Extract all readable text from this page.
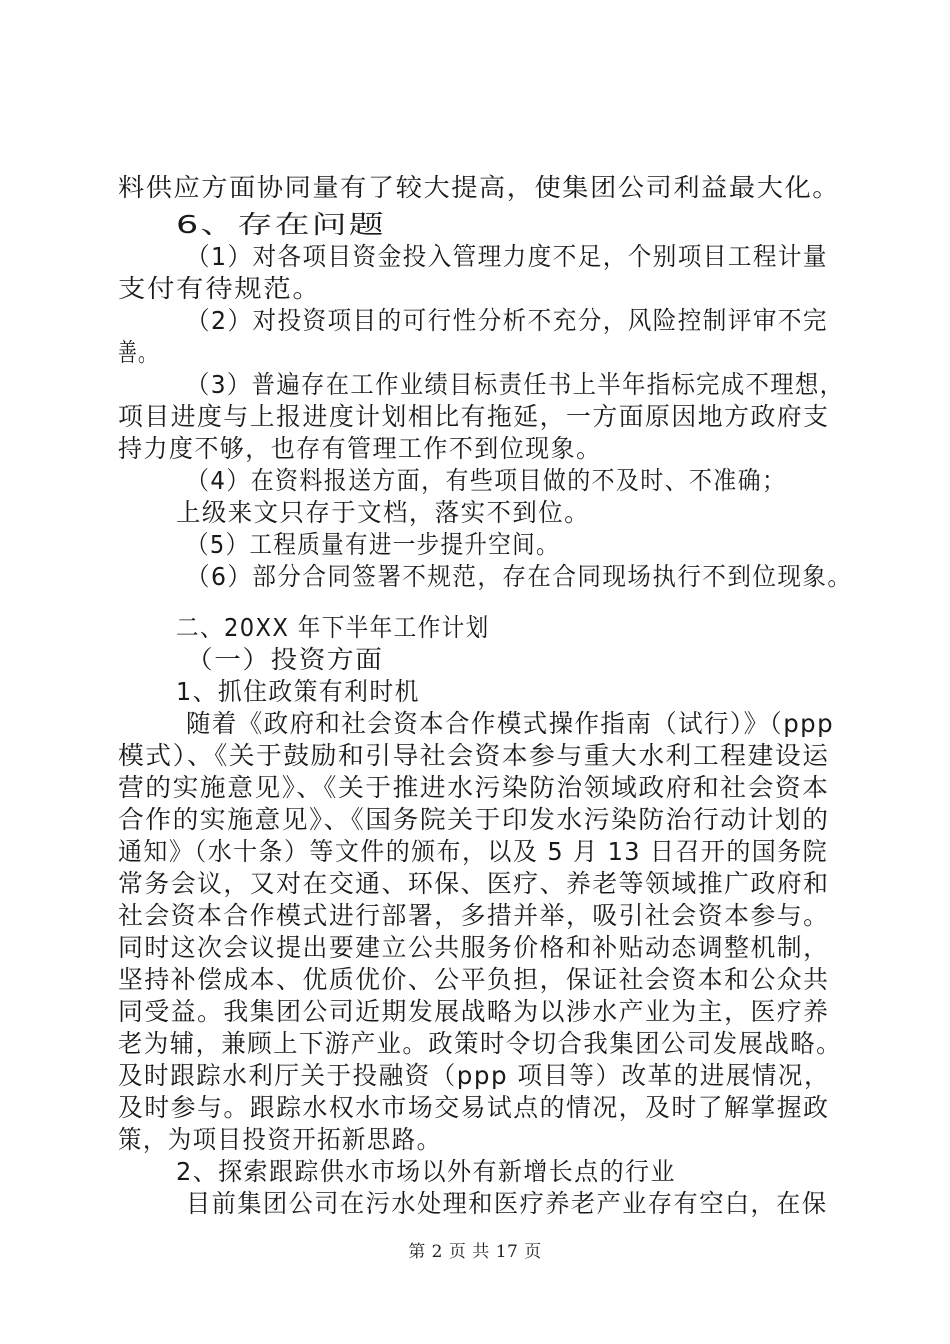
料供应方面协同量有了较大提高，使集团公司利益最大化。
6、存在问题
（1）对各项目资金投入管理力度不足，个别项目工程计量
支付有待规范。
（2）对投资项目的可行性分析不充分，风险控制评审不完
善。
（3）普遍存在工作业绩目标责任书上半年指标完成不理想，
项目进度与上报进度计划相比有拖延，一方面原因地方政府支
持力度不够，也存有管理工作不到位现象。
（4）在资料报送方面，有些项目做的不及时、不准确；
上级来文只存于文档，落实不到位。
（5）工程质量有进一步提升空间。
（6）部分合同签署不规范，存在合同现场执行不到位现象。
二、20XX 年下半年工作计划
（一）投资方面
1、抓住政策有利时机
随着《政府和社会资本合作模式操作指南（试行）》（ppp
模式）、《关于鼓励和引导社会资本参与重大水利工程建设运
营的实施意见》、《关于推进水污染防治领域政府和社会资本
合作的实施意见》、《国务院关于印发水污染防治行动计划的
通知》（水十条）等文件的颁布，以及 5 月 13 日召开的国务院
常务会议，又对在交通、环保、医疗、养老等领域推广政府和
社会资本合作模式进行部署，多措并举，吸引社会资本参与。
同时这次会议提出要建立公共服务价格和补贴动态调整机制，
坚持补偿成本、优质优价、公平负担，保证社会资本和公众共
同受益。我集团公司近期发展战略为以涉水产业为主，医疗养
老为辅，兼顾上下游产业。政策时令切合我集团公司发展战略。
及时跟踪水利厅关于投融资（ppp 项目等）改革的进展情况，
及时参与。跟踪水权水市场交易试点的情况，及时了解掌握政
策，为项目投资开拓新思路。
2、探索跟踪供水市场以外有新增长点的行业
目前集团公司在污水处理和医疗养老产业存有空白，在保
第 2 页 共 17 页
